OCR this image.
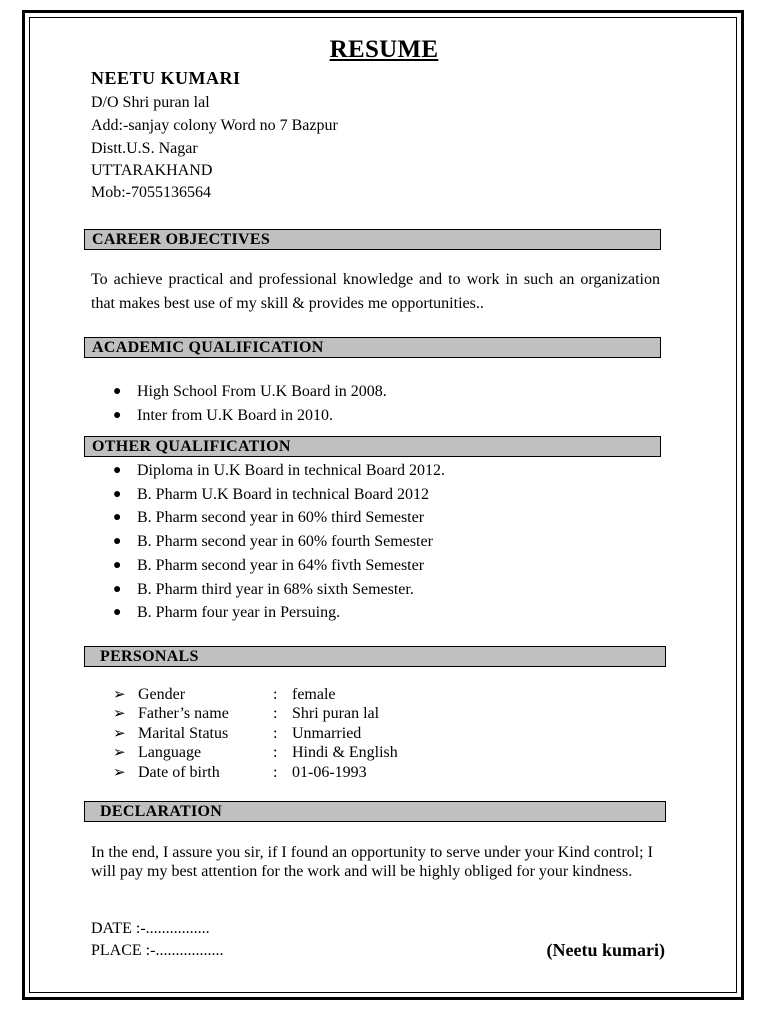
RESUME
NEETU KUMARI
D/O Shri puran lal
Add:-sanjay colony Word no 7 Bazpur
Distt.U.S. Nagar
UTTARAKHAND
Mob:-7055136564
CAREER OBJECTIVES
To achieve practical and professional knowledge and to work in such an organization that makes best use of my skill & provides me opportunities..
ACADEMIC QUALIFICATION
● High School From U.K Board in 2008.
● Inter from U.K Board in 2010.
OTHER QUALIFICATION
● Diploma in U.K Board in technical Board 2012.
● B. Pharm U.K Board in technical Board 2012
● B. Pharm second year in 60% third Semester
● B. Pharm second year in 60% fourth Semester
● B. Pharm second year in 64% fivth Semester
● B. Pharm third year in 68% sixth Semester.
● B. Pharm four year in Persuing.
PERSONALS
➢ Gender	: female
➢ Father’s name	: Shri puran lal
➢ Marital Status	: Unmarried
➢ Language	: Hindi & English
➢ Date of birth	: 01-06-1993
DECLARATION
In the end, I assure you sir, if I found an opportunity to serve under your Kind control; I will pay my best attention for the work and will be highly obliged for your kindness.
DATE :-................
PLACE :-.................	(Neetu kumari)
